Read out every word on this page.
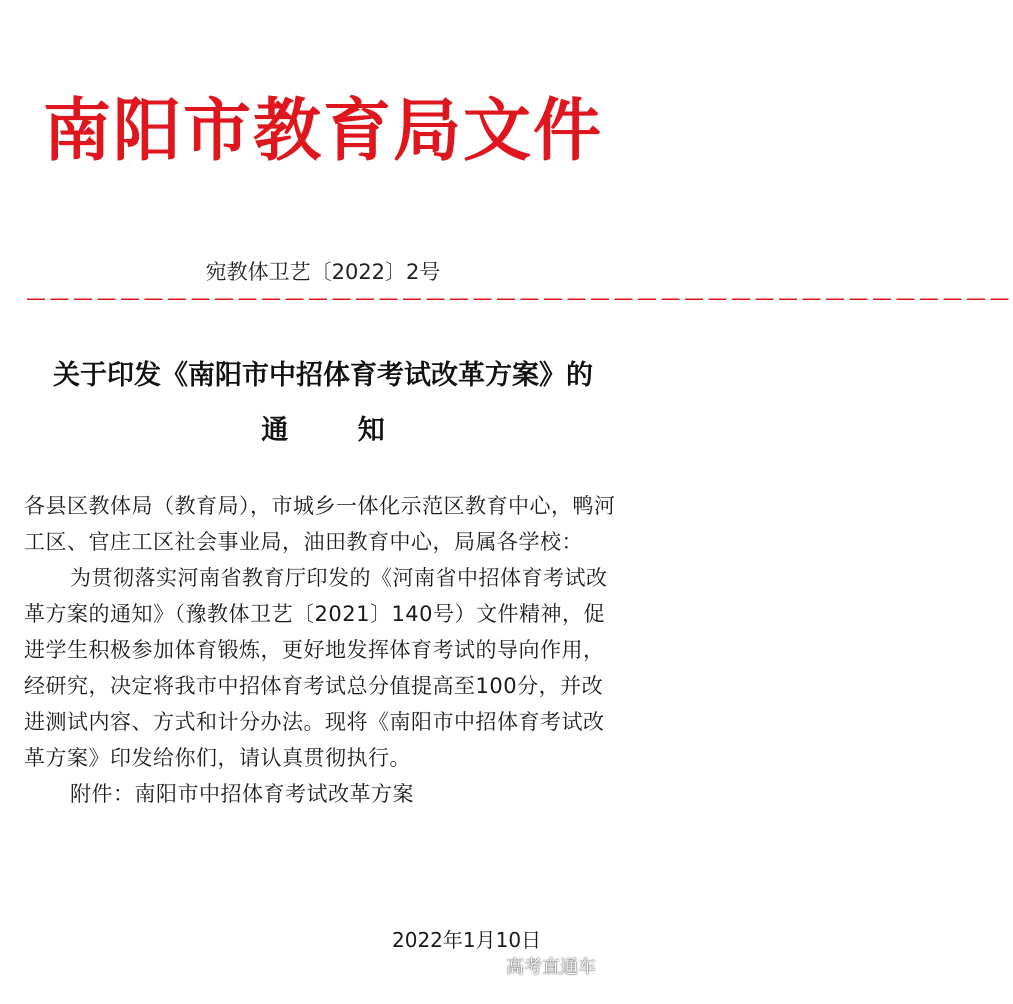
南阳市教育局文件
宛教体卫艺〔2022〕2号
——————————————————————————————————————————
关于印发《南阳市中招体育考试改革方案》的
通 知

各县区教体局（教育局），市城乡一体化示范区教育中心，鸭河工区、官庄工区社会事业局，油田教育中心，局属各学校：

为贯彻落实河南省教育厅印发的《河南省中招体育考试改革方案的通知》（豫教体卫艺〔2021〕140号）文件精神，促进学生积极参加体育锻炼，更好地发挥体育考试的导向作用，经研究，决定将我市中招体育考试总分值提高至100分，并改进测试内容、方式和计分办法。现将《南阳市中招体育考试改革方案》印发给你们，请认真贯彻执行。

附件：南阳市中招体育考试改革方案

2022年1月10日
高考直通车
